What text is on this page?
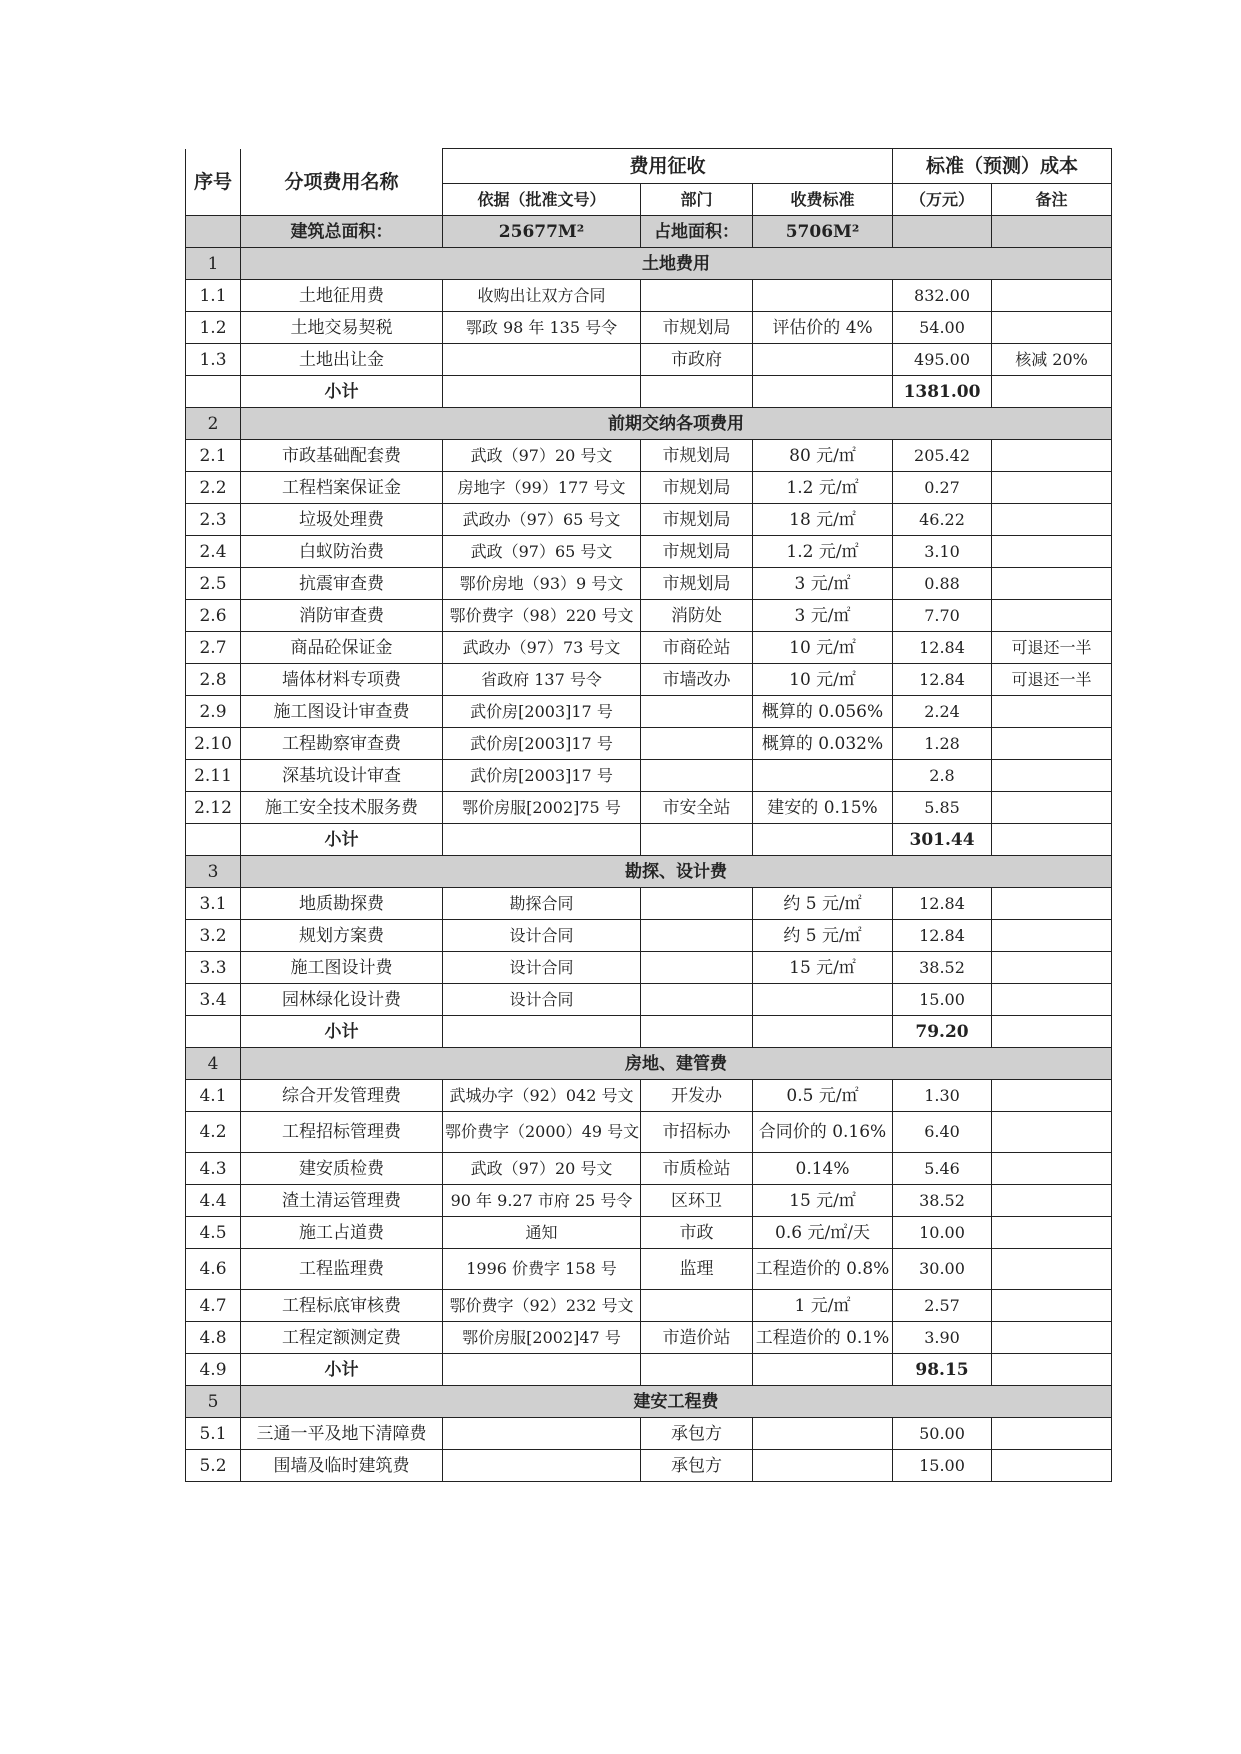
序号	分项费用名称	费用征收			标准（预测）成本	
		依据（批准文号）	部门	收费标准	（万元）	备注
	建筑总面积：	25677M²	占地面积：	5706M²		
1	土地费用					
1.1	土地征用费	收购出让双方合同			832.00	
1.2	土地交易契税	鄂政 98 年 135 号令	市规划局	评估价的 4%	54.00	
1.3	土地出让金		市政府		495.00	核减 20%
	小计				1381.00	
2	前期交纳各项费用					
2.1	市政基础配套费	武政（97）20 号文	市规划局	80 元/㎡	205.42	
2.2	工程档案保证金	房地字（99）177 号文	市规划局	1.2 元/㎡	0.27	
2.3	垃圾处理费	武政办（97）65 号文	市规划局	18 元/㎡	46.22	
2.4	白蚁防治费	武政（97）65 号文	市规划局	1.2 元/㎡	3.10	
2.5	抗震审查费	鄂价房地（93）9 号文	市规划局	3 元/㎡	0.88	
2.6	消防审查费	鄂价费字（98）220 号文	消防处	3 元/㎡	7.70	
2.7	商品砼保证金	武政办（97）73 号文	市商砼站	10 元/㎡	12.84	可退还一半
2.8	墙体材料专项费	省政府 137 号令	市墙改办	10 元/㎡	12.84	可退还一半
2.9	施工图设计审查费	武价房[2003]17 号		概算的 0.056%	2.24	
2.10	工程勘察审查费	武价房[2003]17 号		概算的 0.032%	1.28	
2.11	深基坑设计审查	武价房[2003]17 号			2.8	
2.12	施工安全技术服务费	鄂价房服[2002]75 号	市安全站	建安的 0.15%	5.85	
	小计				301.44	
3	勘探、设计费					
3.1	地质勘探费	勘探合同		约 5 元/㎡	12.84	
3.2	规划方案费	设计合同		约 5 元/㎡	12.84	
3.3	施工图设计费	设计合同		15 元/㎡	38.52	
3.4	园林绿化设计费	设计合同			15.00	
	小计				79.20	
4	房地、建管费					
4.1	综合开发管理费	武城办字（92）042 号文	开发办	0.5 元/㎡	1.30	
4.2	工程招标管理费	鄂价费字（2000）49 号文	市招标办	合同价的 0.16%	6.40	
4.3	建安质检费	武政（97）20 号文	市质检站	0.14%	5.46	
4.4	渣土清运管理费	90 年 9.27 市府 25 号令	区环卫	15 元/㎡	38.52	
4.5	施工占道费	通知	市政	0.6 元/㎡/天	10.00	
4.6	工程监理费	1996 价费字 158 号	监理	工程造价的 0.8%	30.00	
4.7	工程标底审核费	鄂价费字（92）232 号文		1 元/㎡	2.57	
4.8	工程定额测定费	鄂价房服[2002]47 号	市造价站	工程造价的 0.1%	3.90	
4.9	小计				98.15	
5	建安工程费					
5.1	三通一平及地下清障费		承包方		50.00	
5.2	围墙及临时建筑费		承包方		15.00	
